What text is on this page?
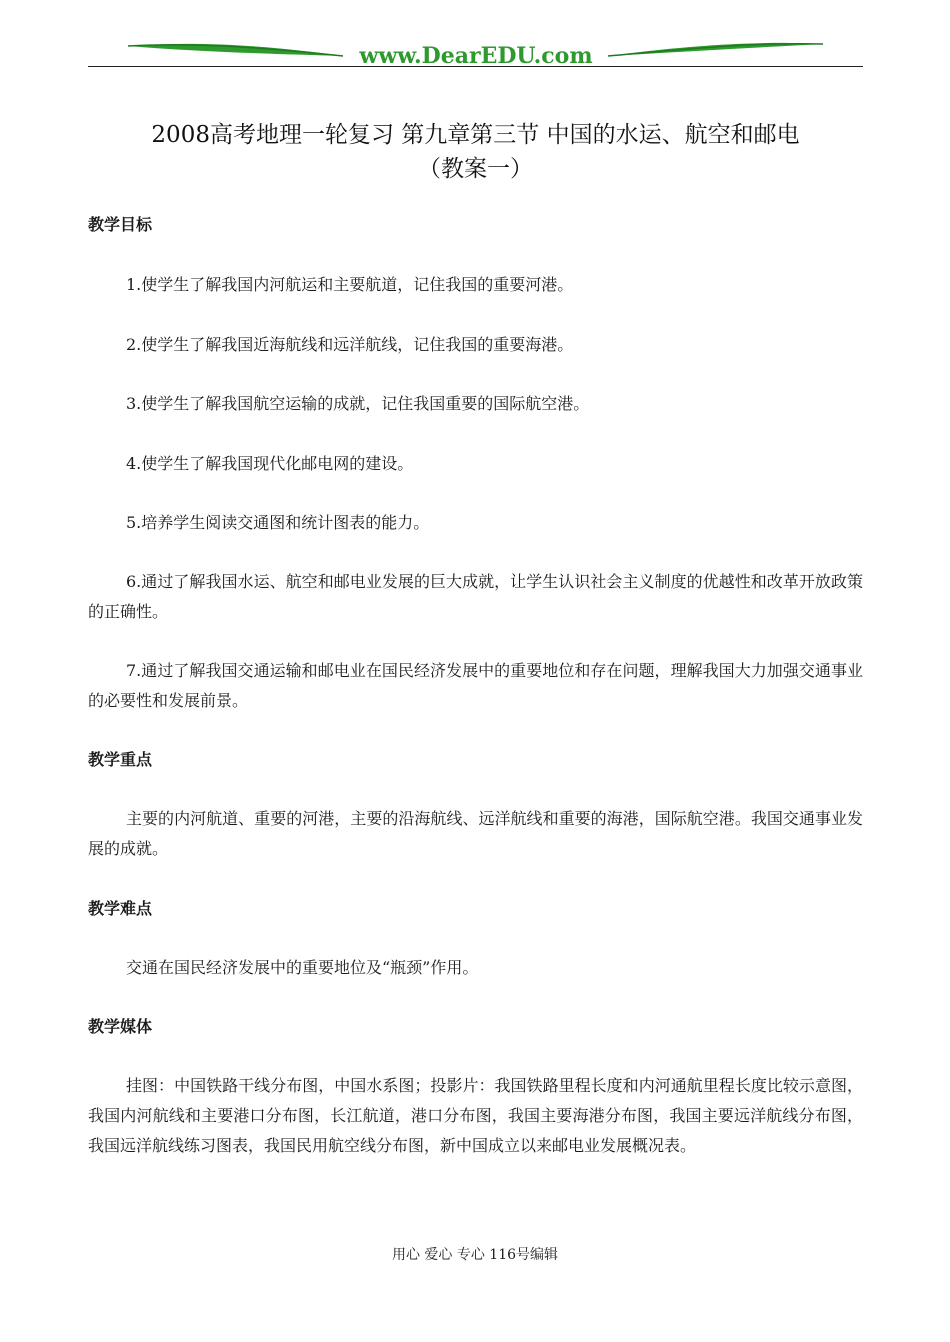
www.DearEDU.com
2008高考地理一轮复习 第九章第三节 中国的水运、航空和邮电
（教案一）
教学目标
1.使学生了解我国内河航运和主要航道，记住我国的重要河港。
2.使学生了解我国近海航线和远洋航线，记住我国的重要海港。
3.使学生了解我国航空运输的成就，记住我国重要的国际航空港。
4.使学生了解我国现代化邮电网的建设。
5.培养学生阅读交通图和统计图表的能力。
6.通过了解我国水运、航空和邮电业发展的巨大成就，让学生认识社会主义制度的优越性和改革开放政策的正确性。
7.通过了解我国交通运输和邮电业在国民经济发展中的重要地位和存在问题，理解我国大力加强交通事业的必要性和发展前景。
教学重点
主要的内河航道、重要的河港，主要的沿海航线、远洋航线和重要的海港，国际航空港。我国交通事业发展的成就。
教学难点
交通在国民经济发展中的重要地位及“瓶颈”作用。
教学媒体
挂图：中国铁路干线分布图，中国水系图；投影片：我国铁路里程长度和内河通航里程长度比较示意图，我国内河航线和主要港口分布图，长江航道，港口分布图，我国主要海港分布图，我国主要远洋航线分布图，我国远洋航线练习图表，我国民用航空线分布图，新中国成立以来邮电业发展概况表。
用心 爱心 专心 116号编辑
